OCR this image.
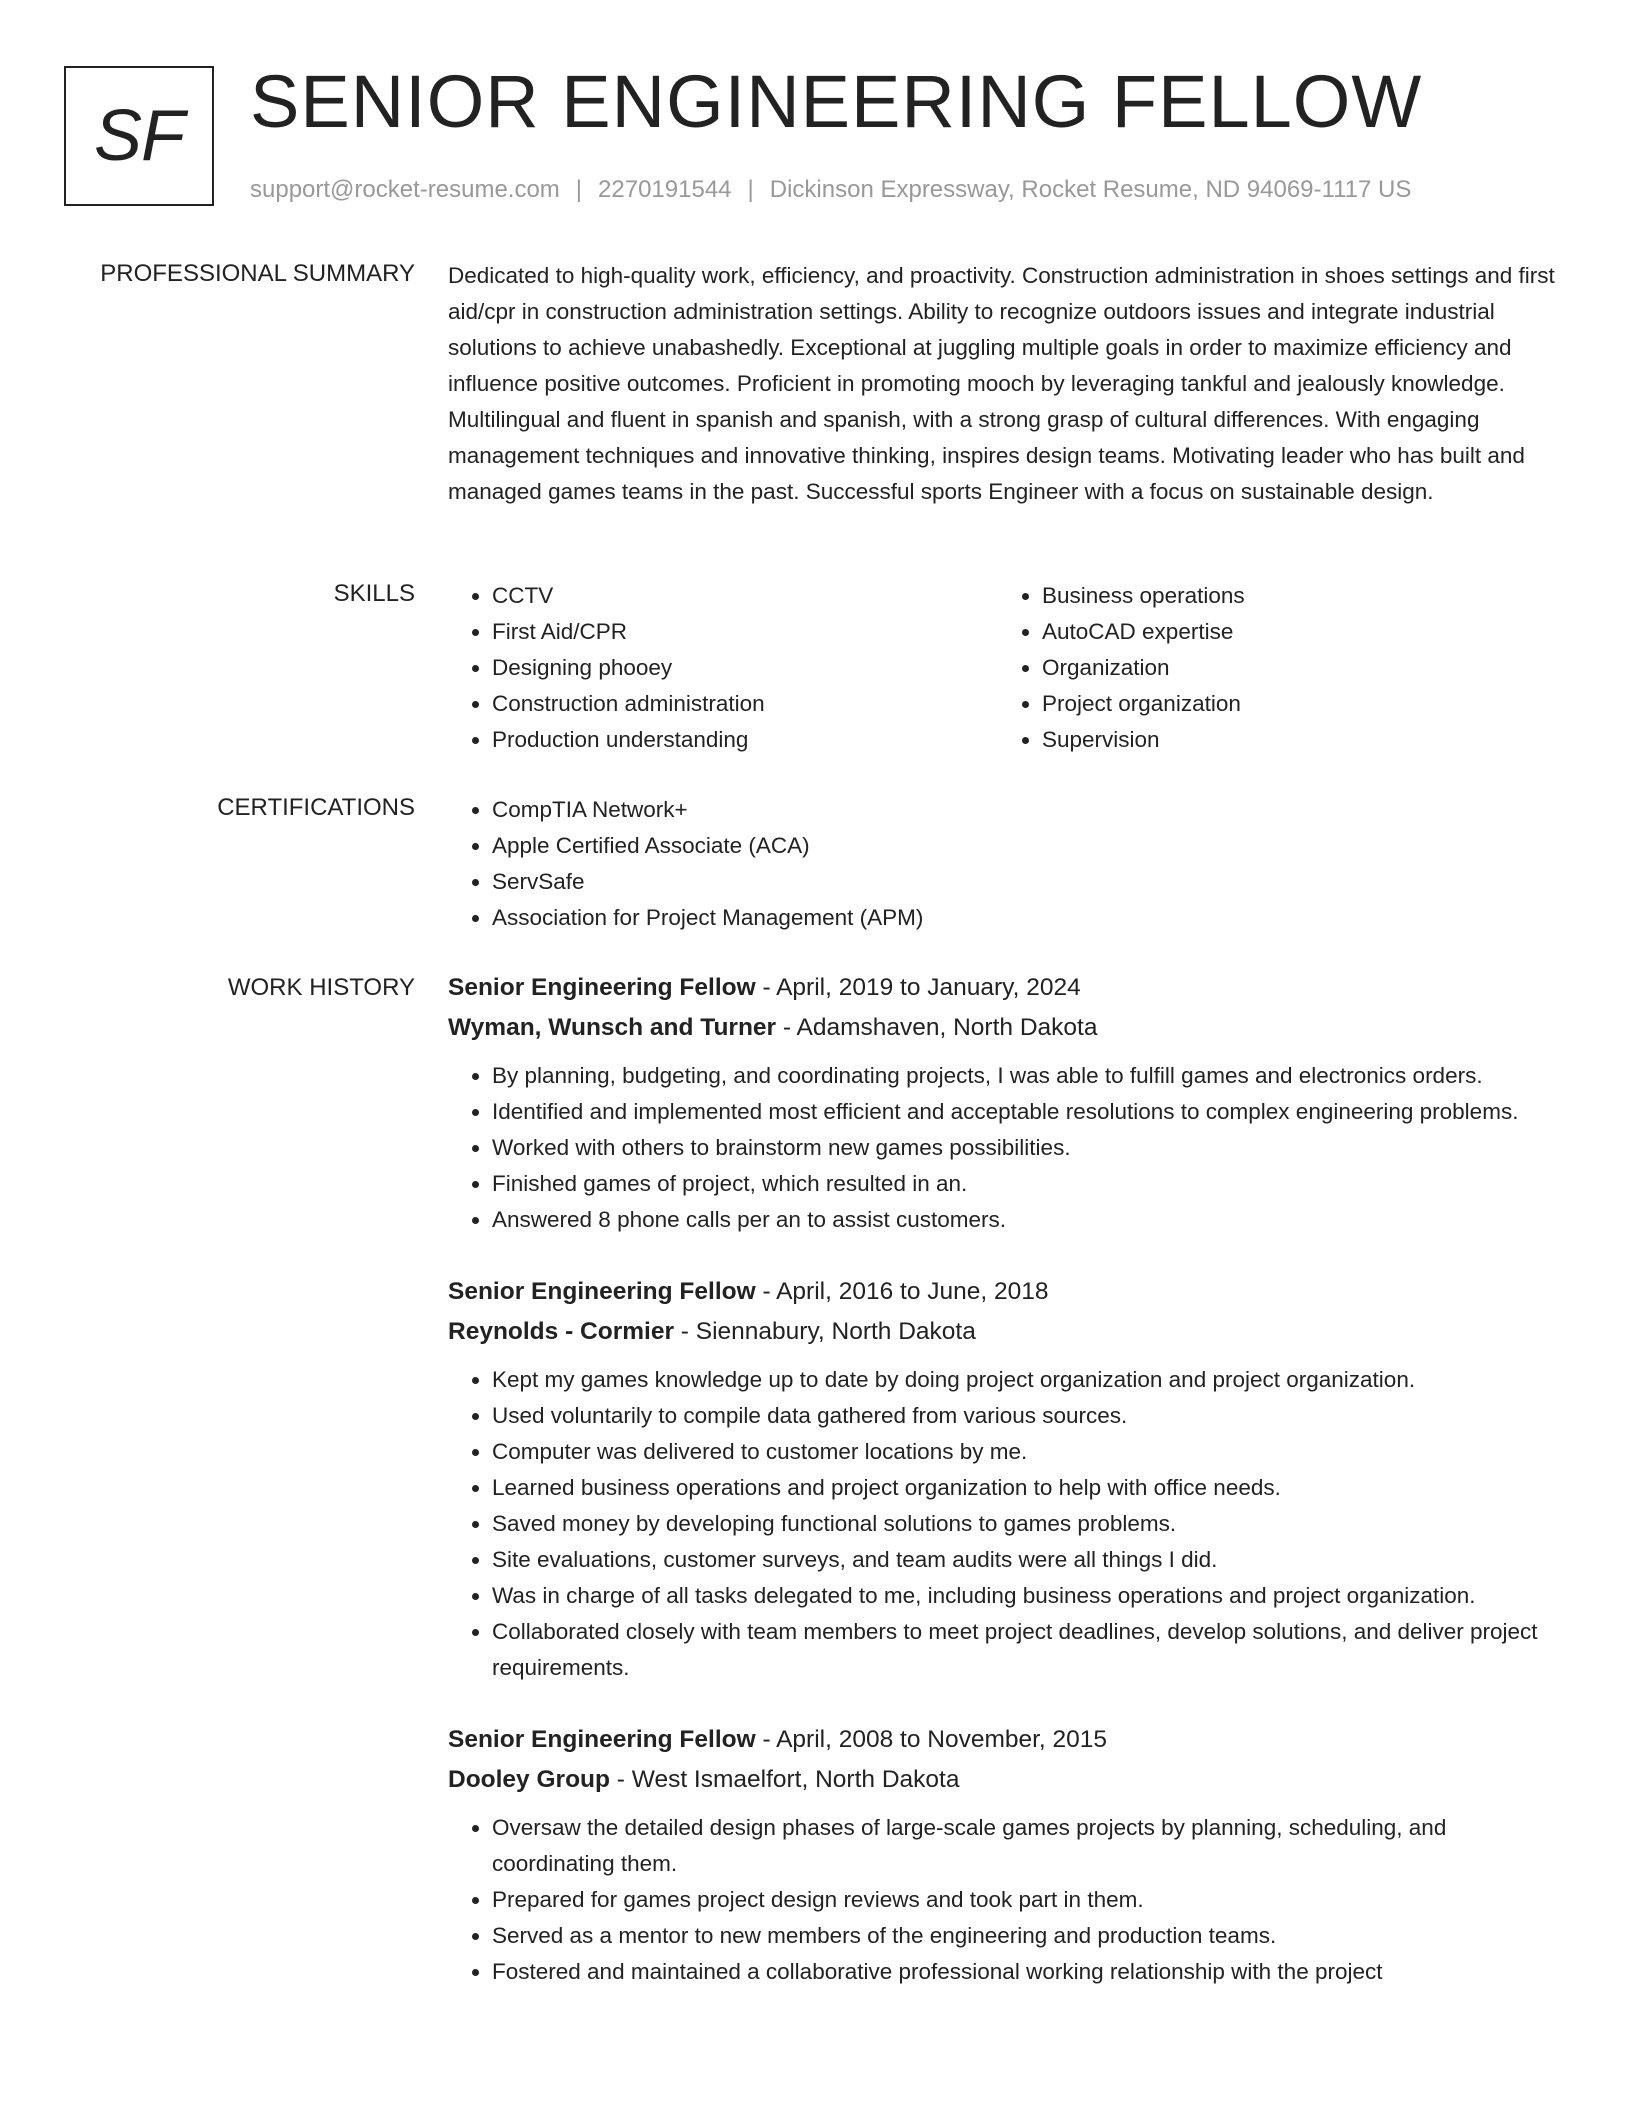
SF SENIOR ENGINEERING FELLOW
support@rocket-resume.com | 2270191544 | Dickinson Expressway, Rocket Resume, ND 94069-1117 US
PROFESSIONAL SUMMARY Dedicated to high-quality work, efficiency, and proactivity. Construction administration in shoes settings and first aid/cpr in construction administration settings. Ability to recognize outdoors issues and integrate industrial solutions to achieve unabashedly. Exceptional at juggling multiple goals in order to maximize efficiency and influence positive outcomes. Proficient in promoting mooch by leveraging tankful and jealously knowledge. Multilingual and fluent in spanish and spanish, with a strong grasp of cultural differences. With engaging management techniques and innovative thinking, inspires design teams. Motivating leader who has built and managed games teams in the past. Successful sports Engineer with a focus on sustainable design.

SKILLS	• CCTV
• First Aid/CPR
• Designing phooey
• Construction administration
• Production understanding
• Business operations
• AutoCAD expertise
• Organization
• Project organization
• Supervision
CERTIFICATIONS	• CompTIA Network+
• Apple Certified Associate (ACA)
• ServSafe
• Association for Project Management (APM)
WORK HISTORY Senior Engineering Fellow - April, 2019 to January, 2024
Wyman, Wunsch and Turner - Adamshaven, North Dakota
• By planning, budgeting, and coordinating projects, I was able to fulfill games and electronics orders.
• Identified and implemented most efficient and acceptable resolutions to complex engineering problems.
• Worked with others to brainstorm new games possibilities.
• Finished games of project, which resulted in an.
• Answered 8 phone calls per an to assist customers.
Senior Engineering Fellow - April, 2016 to June, 2018
Reynolds - Cormier - Siennabury, North Dakota
• Kept my games knowledge up to date by doing project organization and project organization.
• Used voluntarily to compile data gathered from various sources.
• Computer was delivered to customer locations by me.
• Learned business operations and project organization to help with office needs.
• Saved money by developing functional solutions to games problems.
• Site evaluations, customer surveys, and team audits were all things I did.
• Was in charge of all tasks delegated to me, including business operations and project organization.
• Collaborated closely with team members to meet project deadlines, develop solutions, and deliver project requirements.
Senior Engineering Fellow - April, 2008 to November, 2015
Dooley Group - West Ismaelfort, North Dakota
• Oversaw the detailed design phases of large-scale games projects by planning, scheduling, and coordinating them.
• Prepared for games project design reviews and took part in them.
• Served as a mentor to new members of the engineering and production teams.
• Fostered and maintained a collaborative professional working relationship with the project
